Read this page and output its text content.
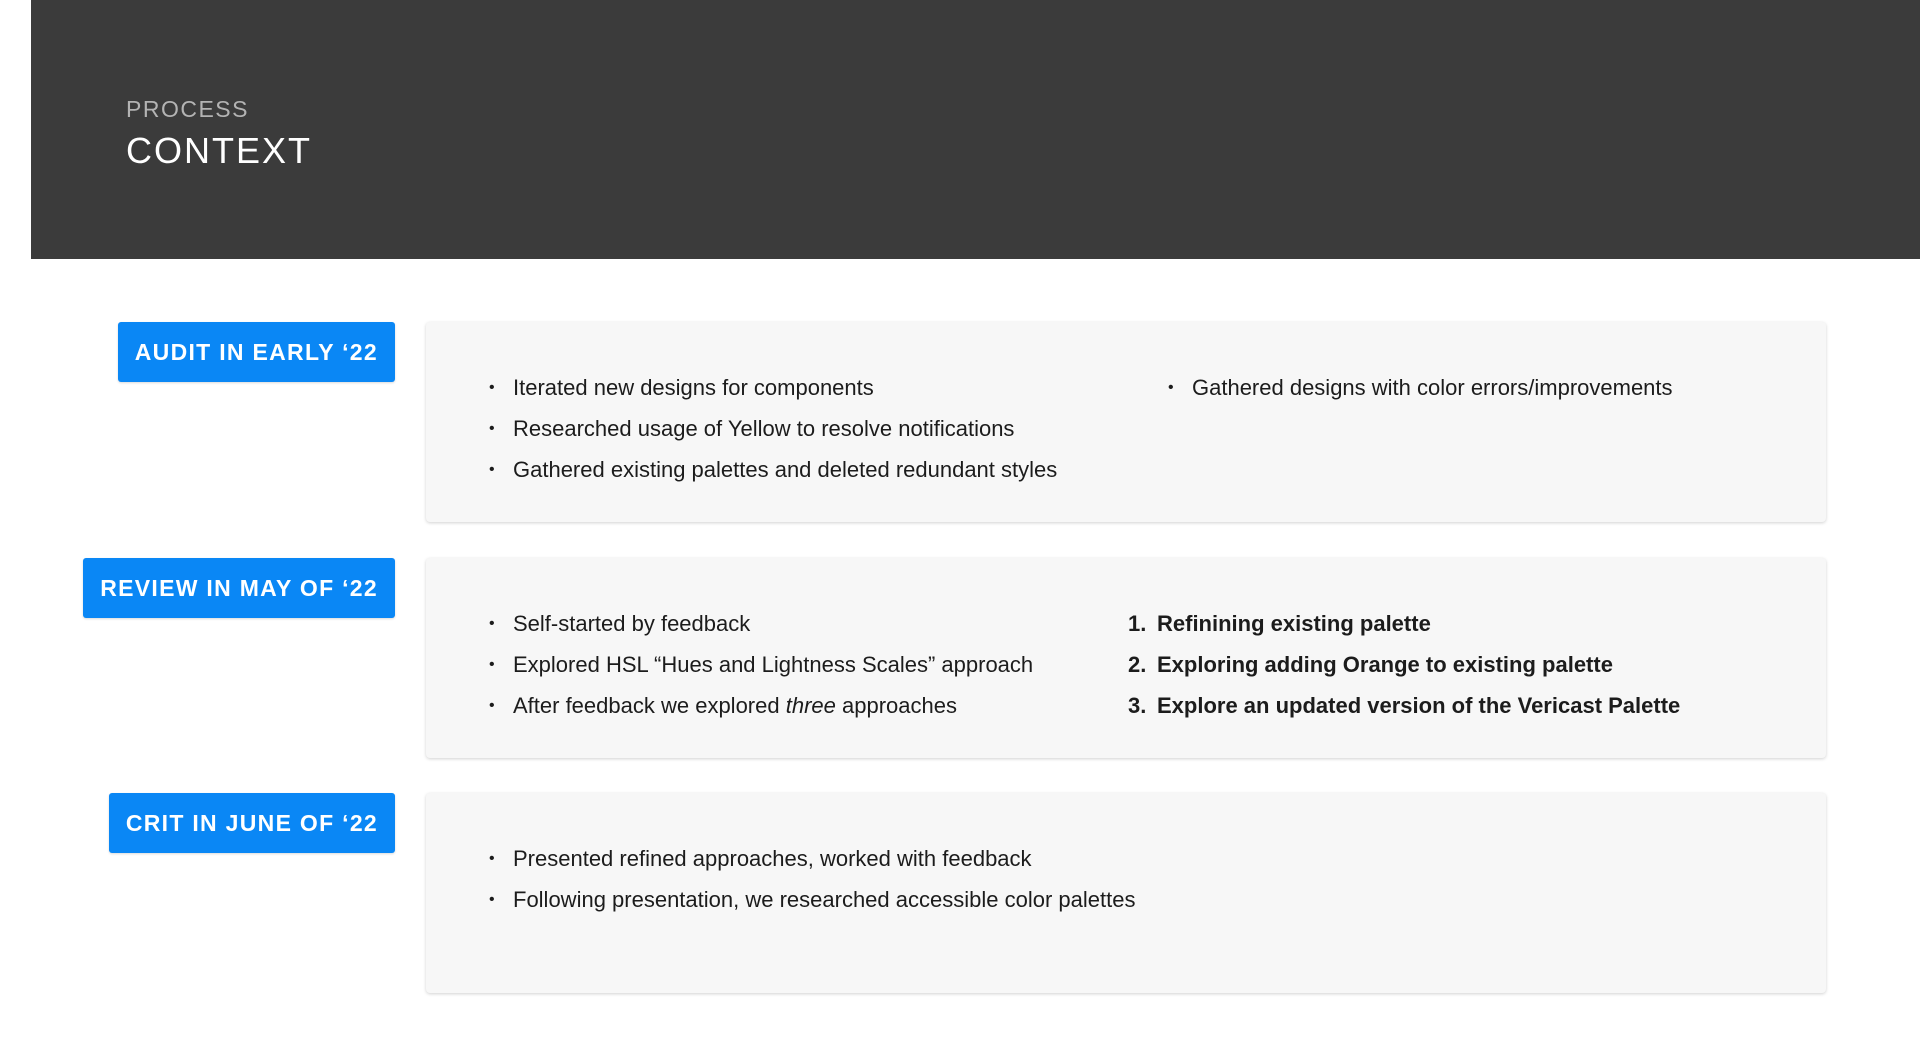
PROCESS
CONTEXT
AUDIT IN EARLY ‘22
• Iterated new designs for components
• Researched usage of Yellow to resolve notifications
• Gathered existing palettes and deleted redundant styles
• Gathered designs with color errors/improvements
REVIEW IN MAY OF ‘22
• Self-started by feedback
• Explored HSL “Hues and Lightness Scales” approach
• After feedback we explored three approaches
1. Refinining existing palette
2. Exploring adding Orange to existing palette
3. Explore an updated version of the Vericast Palette
CRIT IN JUNE OF ‘22
• Presented refined approaches, worked with feedback
• Following presentation, we researched accessible color palettes
